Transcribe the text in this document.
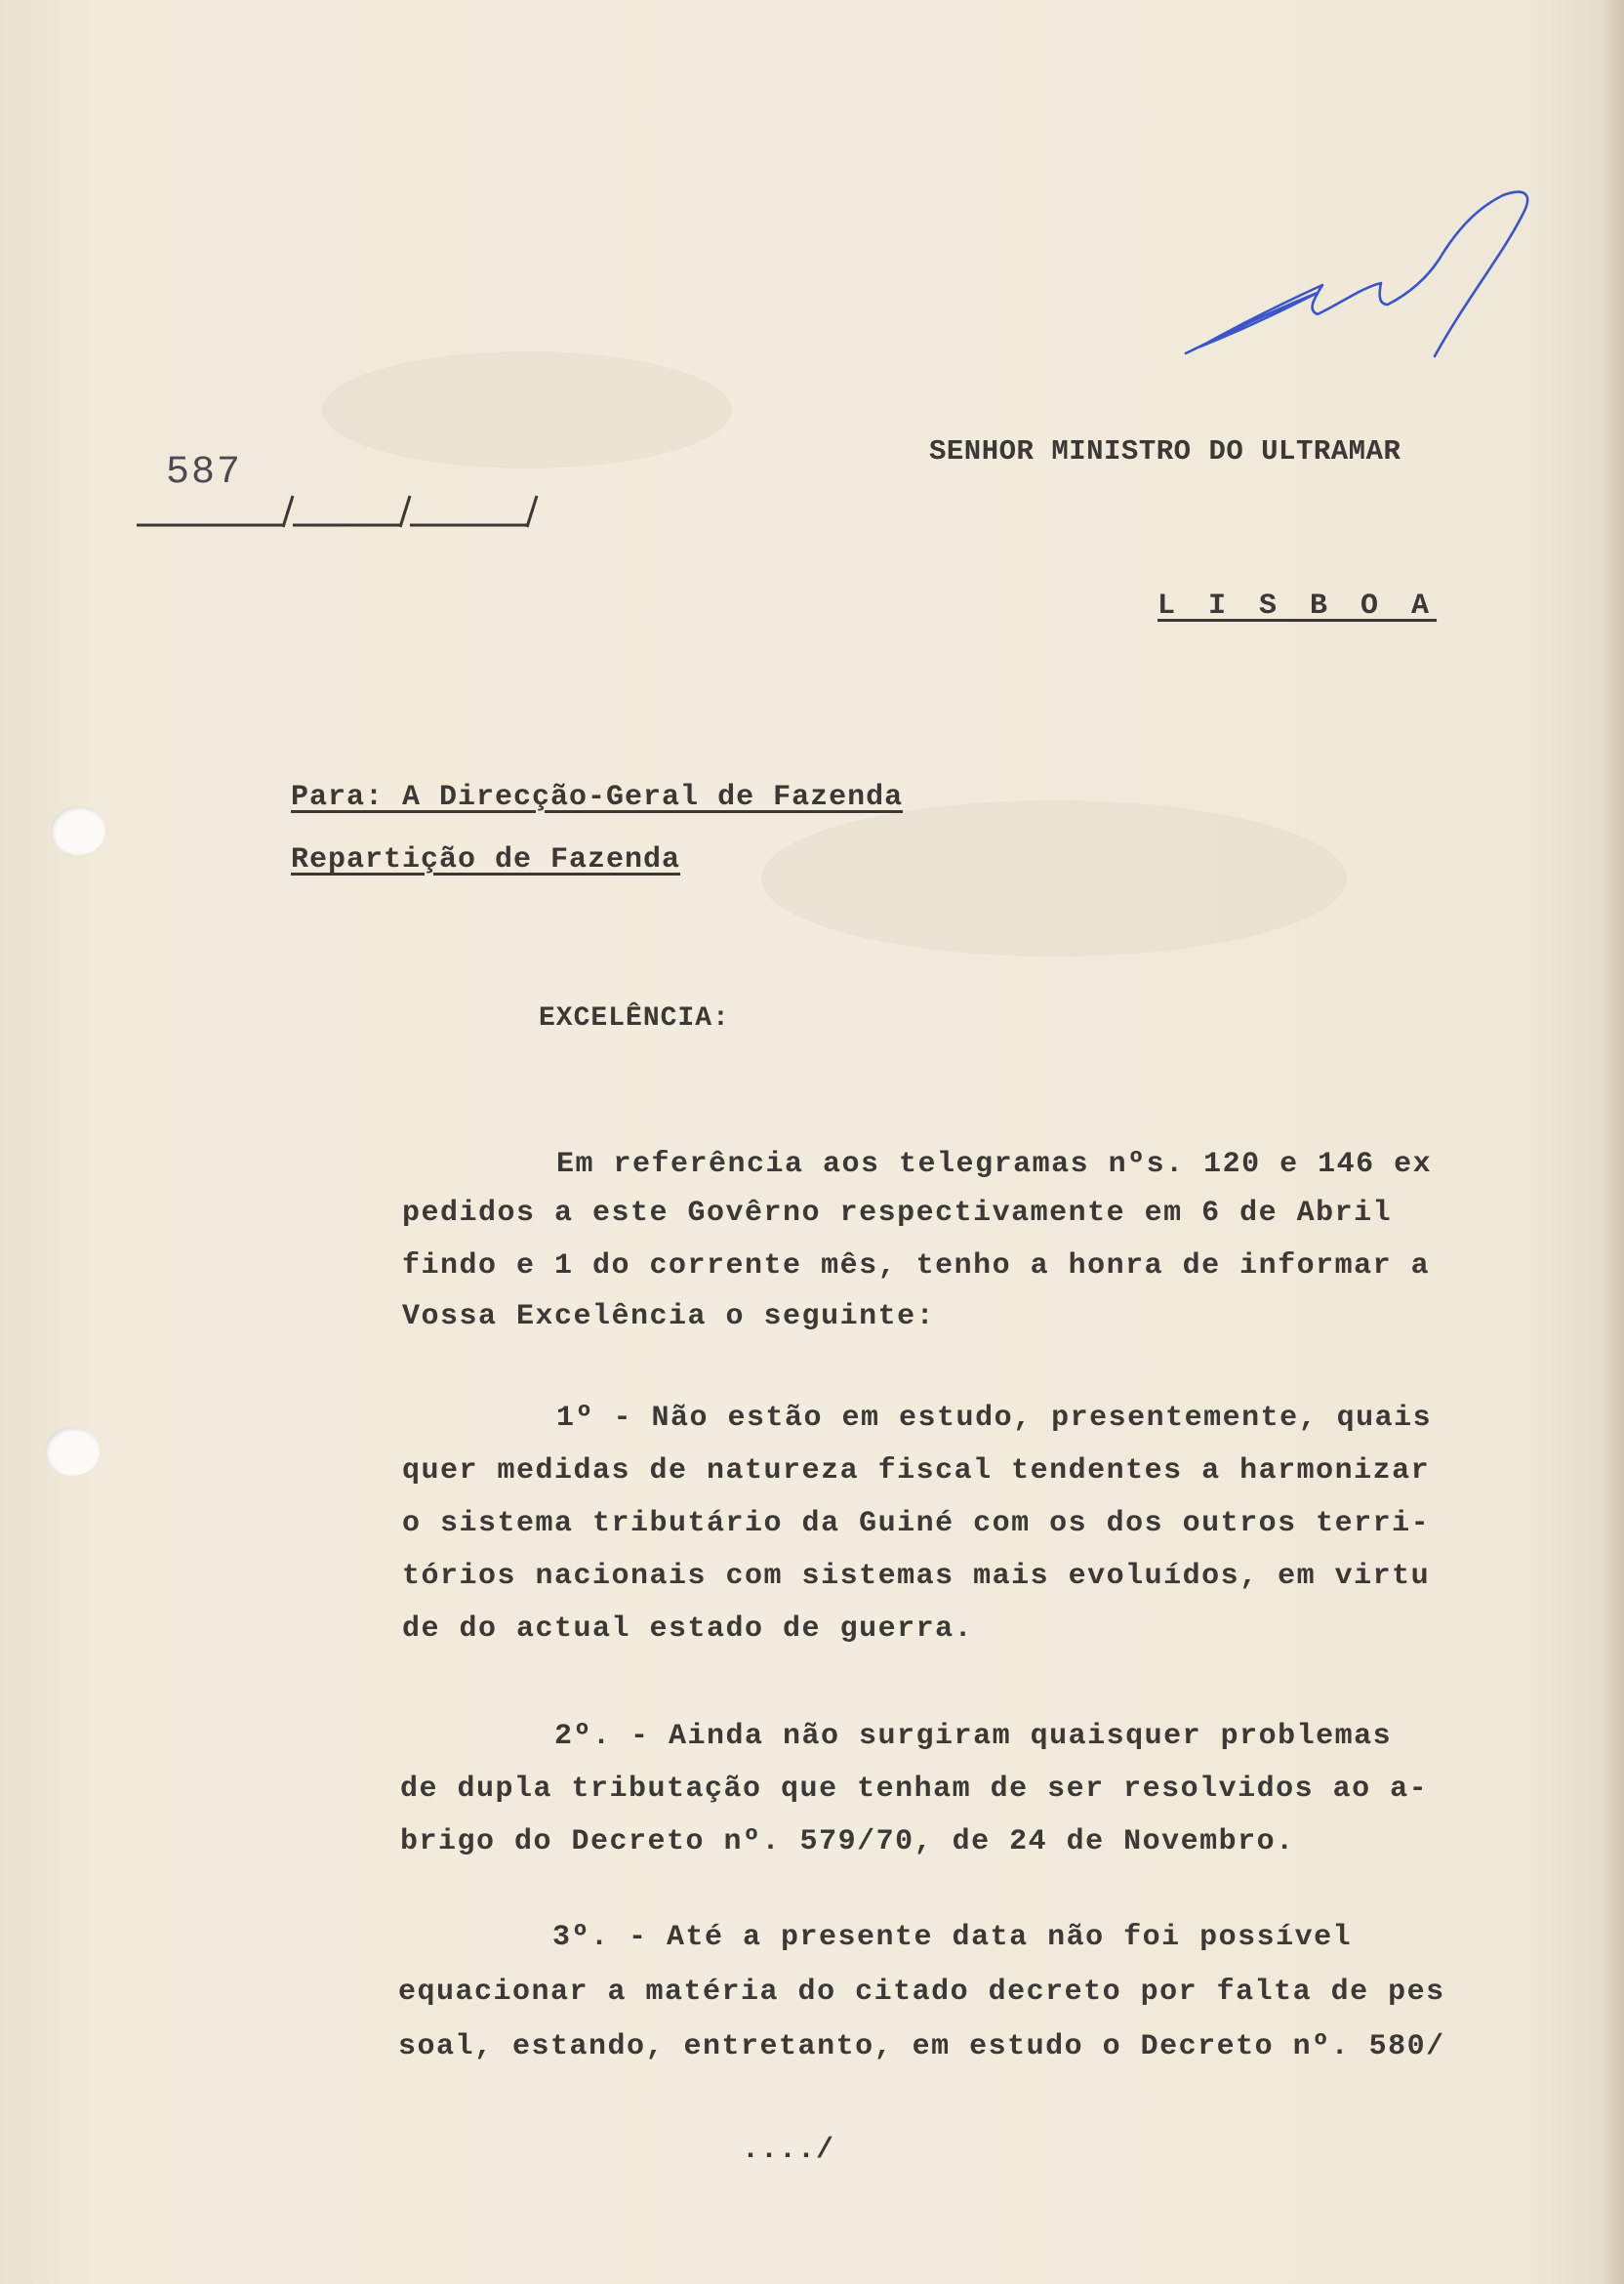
587	SENHOR MINISTRO DO ULTRAMAR
L I S B O A
Para: A Direcção-Geral de Fazenda
Repartição de Fazenda
EXCELÊNCIA:
Em referência aos telegramas nºs. 120 e 146 ex
pedidos a este Govêrno respectivamente em 6 de Abril
findo e 1 do corrente mês, tenho a honra de informar a
Vossa Excelência o seguinte:
1º - Não estão em estudo, presentemente, quais
quer medidas de natureza fiscal tendentes a harmonizar
o sistema tributário da Guiné com os dos outros terri-
tórios nacionais com sistemas mais evoluídos, em virtu
de do actual estado de guerra.
2º. - Ainda não surgiram quaisquer problemas
de dupla tributação que tenham de ser resolvidos ao a-
brigo do Decreto nº. 579/70, de 24 de Novembro.
3º. - Até a presente data não foi possível
equacionar a matéria do citado decreto por falta de pes
soal, estando, entretanto, em estudo o Decreto nº. 580/
..../
